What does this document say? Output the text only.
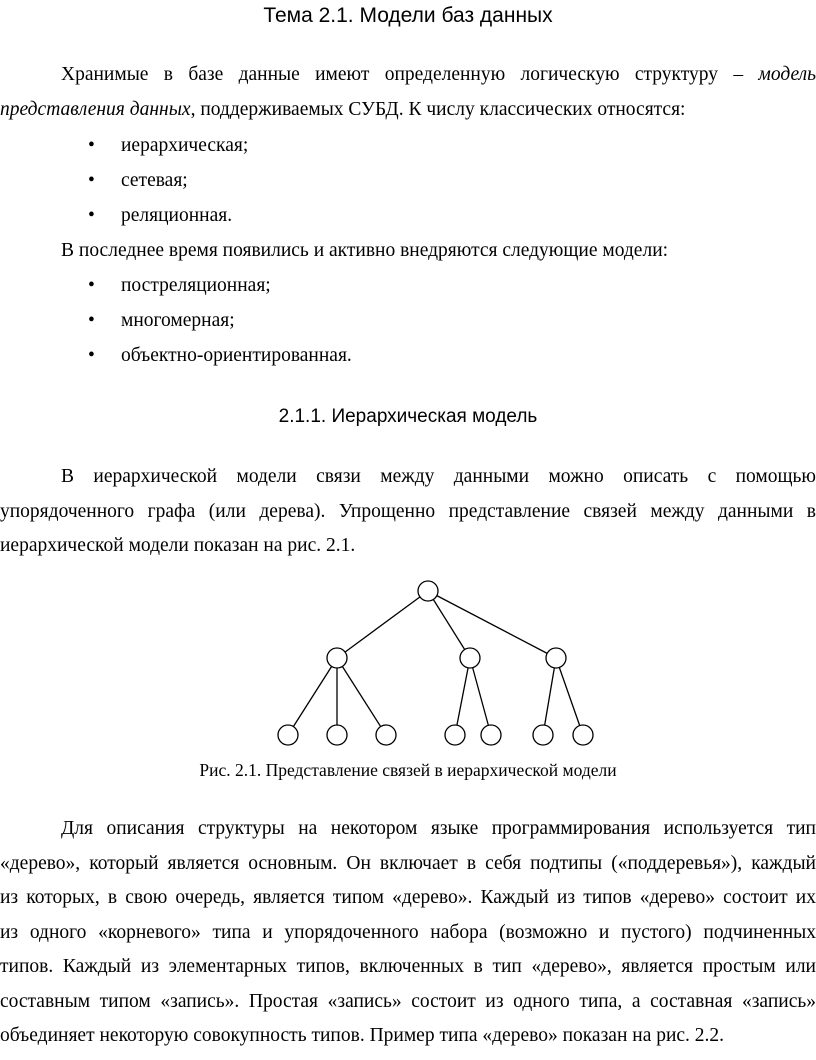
Тема 2.1. Модели баз данных
Хранимые в базе данные имеют определенную логическую структуру – модель
представления данных, поддерживаемых СУБД. К числу классических относятся:
• иерархическая;
• сетевая;
• реляционная.
В последнее время появились и активно внедряются следующие модели:
• постреляционная;
• многомерная;
• объектно-ориентированная.
2.1.1. Иерархическая модель
В иерархической модели связи между данными можно описать с помощью
упорядоченного графа (или дерева). Упрощенно представление связей между данными в
иерархической модели показан на рис. 2.1.
Рис. 2.1. Представление связей в иерархической модели
Для описания структуры на некотором языке программирования используется тип
«дерево», который является основным. Он включает в себя подтипы («поддеревья»), каждый
из которых, в свою очередь, является типом «дерево». Каждый из типов «дерево» состоит их
из одного «корневого» типа и упорядоченного набора (возможно и пустого) подчиненных
типов. Каждый из элементарных типов, включенных в тип «дерево», является простым или
составным типом «запись». Простая «запись» состоит из одного типа, а составная «запись»
объединяет некоторую совокупность типов. Пример типа «дерево» показан на рис. 2.2.
